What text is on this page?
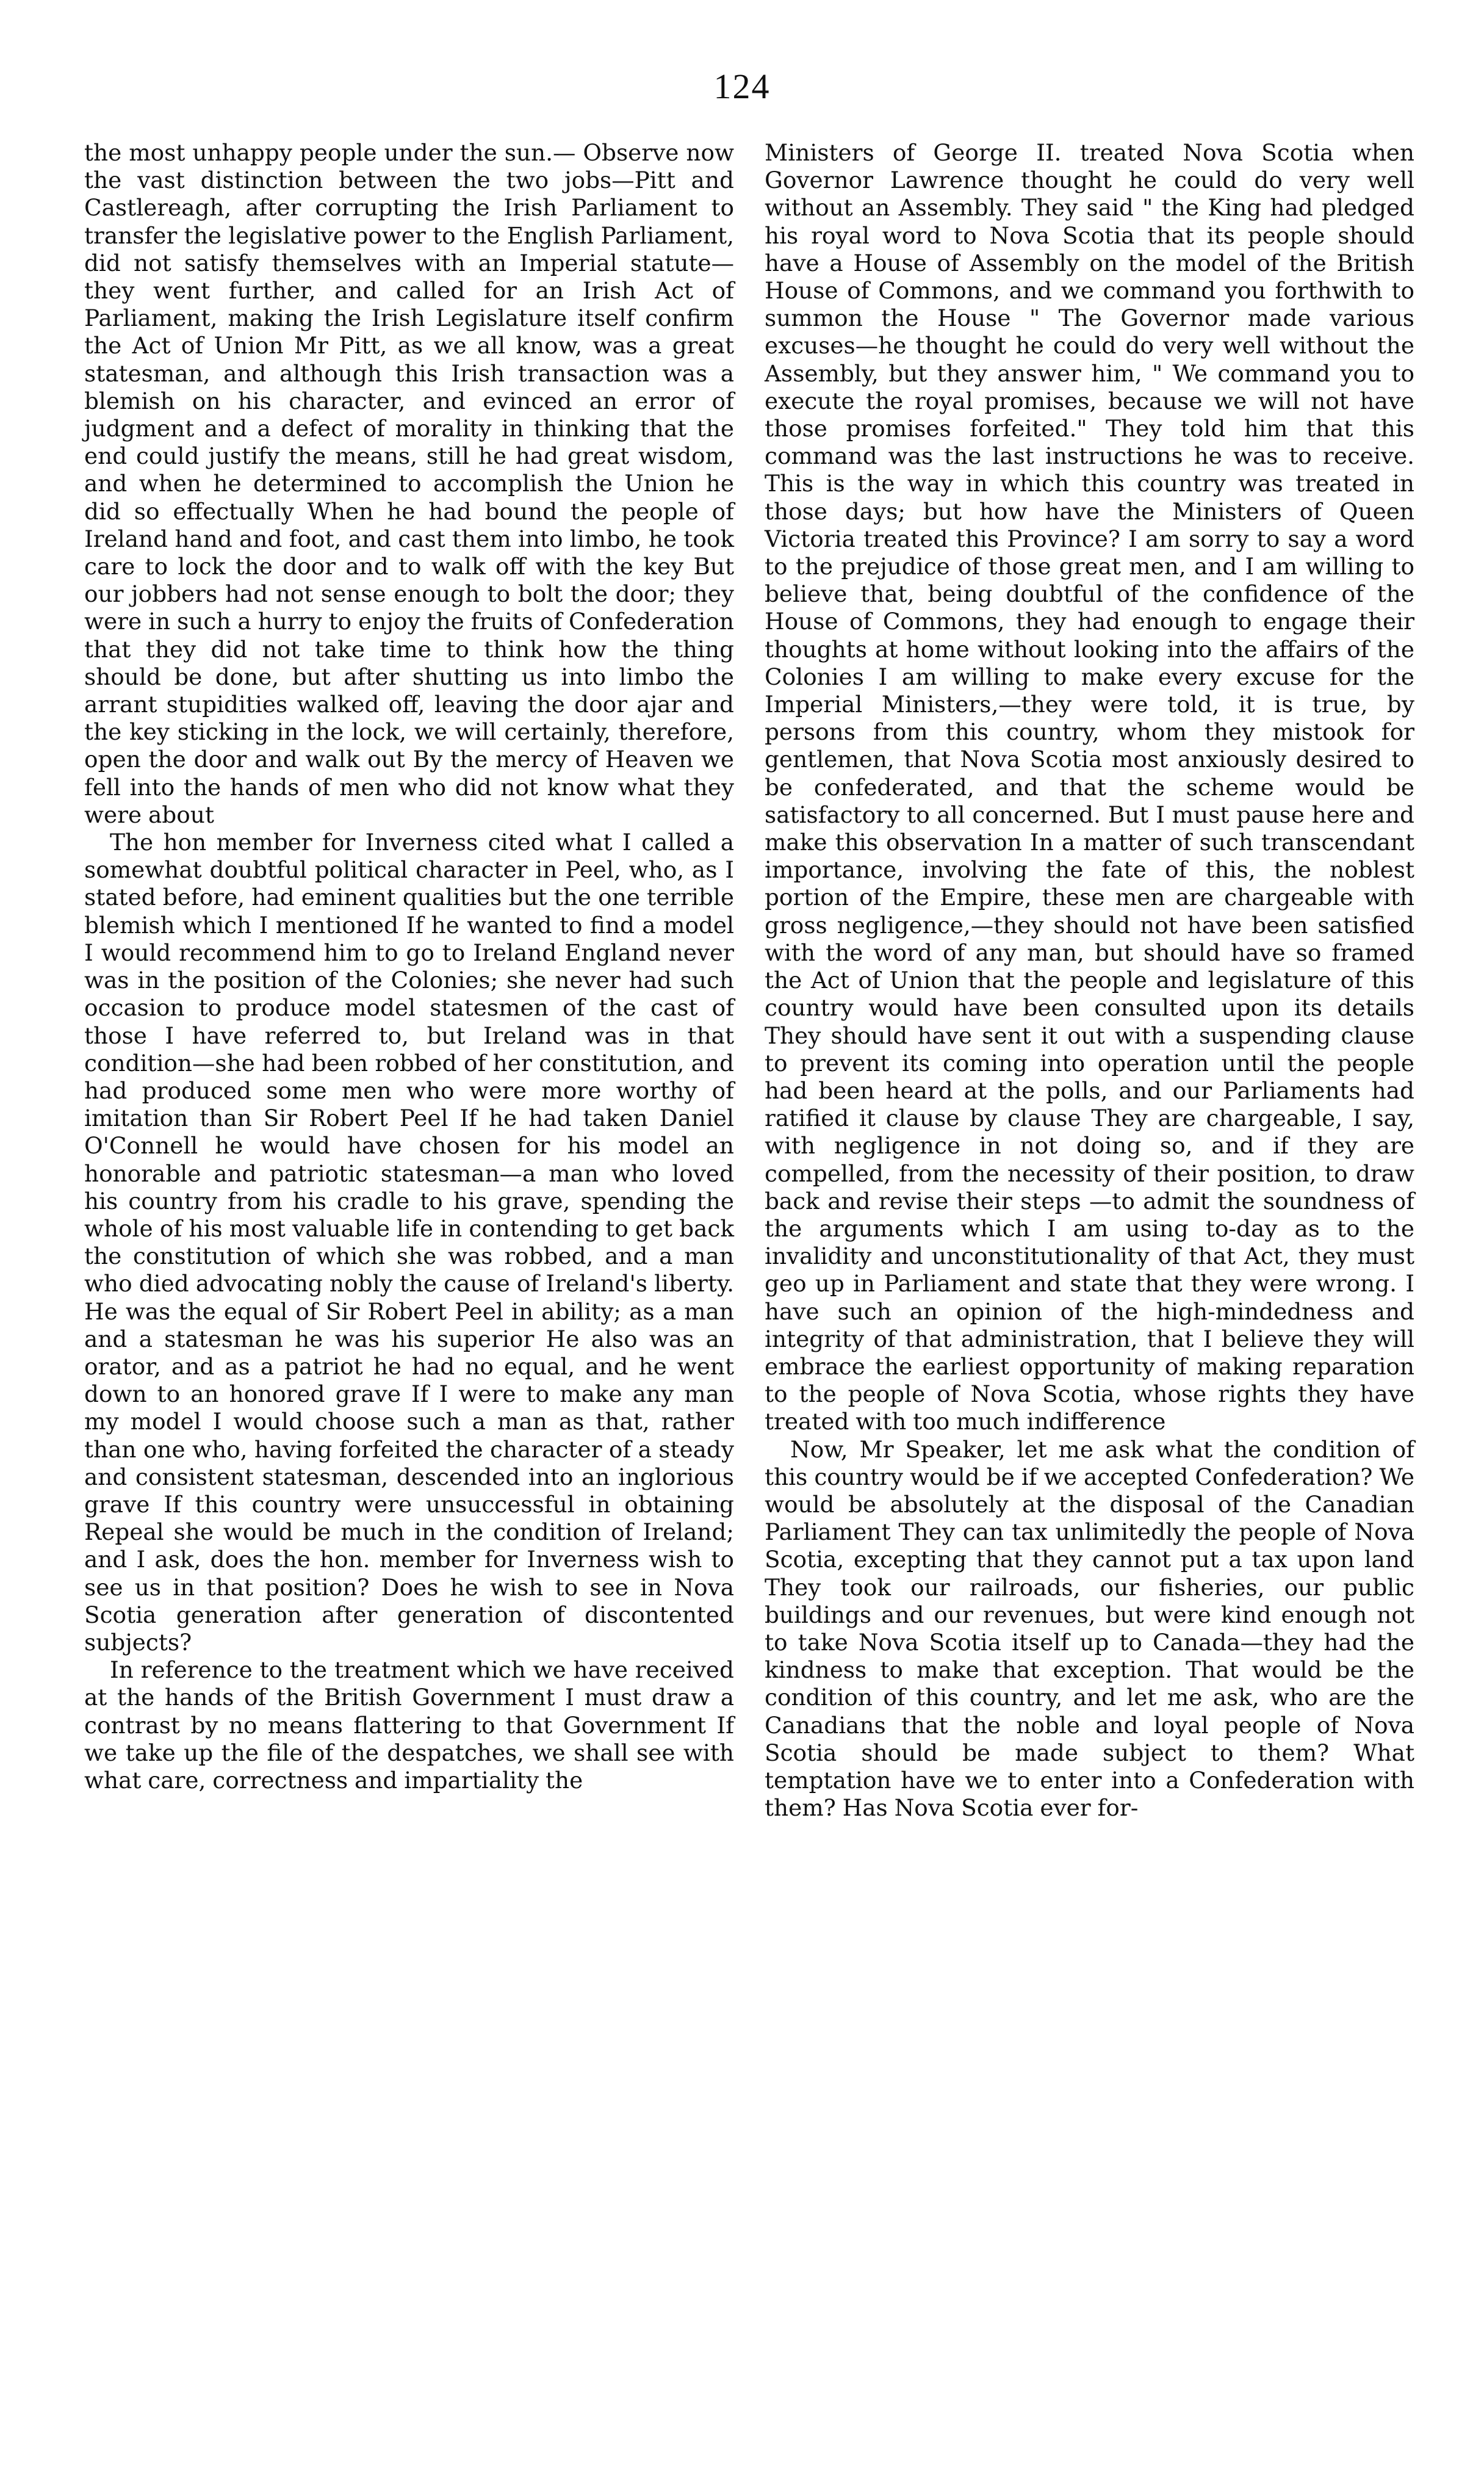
124

the most unhappy people under the sun.— Observe now the vast distinction between the two jobs—Pitt and Castlereagh, after corrupting the Irish Parliament to transfer the legislative power to the English Parliament, did not satisfy themselves with an Imperial statute—they went further, and called for an Irish Act of Parliament, making the Irish Legislature itself confirm the Act of Union Mr Pitt, as we all know, was a great statesman, and although this Irish transaction was a blemish on his character, and evinced an error of judgment and a defect of morality in thinking that the end could justify the means, still he had great wisdom, and when he determined to accomplish the Union he did so effectually When he had bound the people of Ireland hand and foot, and cast them into limbo, he took care to lock the door and to walk off with the key But our jobbers had not sense enough to bolt the door; they were in such a hurry to enjoy the fruits of Confederation that they did not take time to think how the thing should be done, but after shutting us into limbo the arrant stupidities walked off, leaving the door ajar and the key sticking in the lock, we will certainly, therefore, open the door and walk out By the mercy of Heaven we fell into the hands of men who did not know what they were about

The hon member for Inverness cited what I called a somewhat doubtful political character in Peel, who, as I stated before, had eminent qualities but the one terrible blemish which I mentioned If he wanted to find a model I would recommend him to go to Ireland England never was in the position of the Colonies; she never had such occasion to produce model statesmen of the cast of those I have referred to, but Ireland was in that condition—she had been robbed of her constitution, and had produced some men who were more worthy of imitation than Sir Robert Peel If he had taken Daniel O'Connell he would have chosen for his model an honorable and patriotic statesman—a man who loved his country from his cradle to his grave, spending the whole of his most valuable life in contending to get back the constitution of which she was robbed, and a man who died advocating nobly the cause of Ireland's liberty. He was the equal of Sir Robert Peel in ability; as a man and a statesman he was his superior He also was an orator, and as a patriot he had no equal, and he went down to an honored grave If I were to make any man my model I would choose such a man as that, rather than one who, having forfeited the character of a steady and consistent statesman, descended into an inglorious grave If this country were unsuccessful in obtaining Repeal she would be much in the condition of Ireland; and I ask, does the hon. member for Inverness wish to see us in that position? Does he wish to see in Nova Scotia generation after generation of discontented subjects?

In reference to the treatment which we have received at the hands of the British Government I must draw a contrast by no means flattering to that Government If we take up the file of the despatches, we shall see with what care, correctness and impartiality the

Ministers of George II. treated Nova Scotia when Governor Lawrence thought he could do very well without an Assembly. They said " the King had pledged his royal word to Nova Scotia that its people should have a House of Assembly on the model of the British House of Commons, and we command you forthwith to summon the House " The Governor made various excuses—he thought he could do very well without the Assembly, but they answer him, " We command you to execute the royal promises, because we will not have those promises forfeited." They told him that this command was the last instructions he was to receive. This is the way in which this country was treated in those days; but how have the Ministers of Queen Victoria treated this Province? I am sorry to say a word to the prejudice of those great men, and I am willing to believe that, being doubtful of the confidence of the House of Commons, they had enough to engage their thoughts at home without looking into the affairs of the Colonies I am willing to make every excuse for the Imperial Ministers,—they were told, it is true, by persons from this country, whom they mistook for gentlemen, that Nova Scotia most anxiously desired to be confederated, and that the scheme would be satisfactory to all concerned. But I must pause here and make this observation In a matter of such transcendant importance, involving the fate of this, the noblest portion of the Empire, these men are chargeable with gross negligence,—they should not have been satisfied with the word of any man, but should have so framed the Act of Union that the people and legislature of this country would have been consulted upon its details They should have sent it out with a suspending clause to prevent its coming into operation until the people had been heard at the polls, and our Parliaments had ratified it clause by clause They are chargeable, I say, with negligence in not doing so, and if they are compelled, from the necessity of their position, to draw back and revise their steps —to admit the soundness of the arguments which I am using to-day as to the invalidity and unconstitutionality of that Act, they must geo up in Parliament and state that they were wrong. I have such an opinion of the high-mindedness and integrity of that administration, that I believe they will embrace the earliest opportunity of making reparation to the people of Nova Scotia, whose rights they have treated with too much indifference

Now, Mr Speaker, let me ask what the condition of this country would be if we accepted Confederation? We would be absolutely at the disposal of the Canadian Parliament They can tax unlimitedly the people of Nova Scotia, excepting that they cannot put a tax upon land They took our railroads, our fisheries, our public buildings and our revenues, but were kind enough not to take Nova Scotia itself up to Canada—they had the kindness to make that exception. That would be the condition of this country, and let me ask, who are the Canadians that the noble and loyal people of Nova Scotia should be made subject to them? What temptation have we to enter into a Confederation with them? Has Nova Scotia ever for-
